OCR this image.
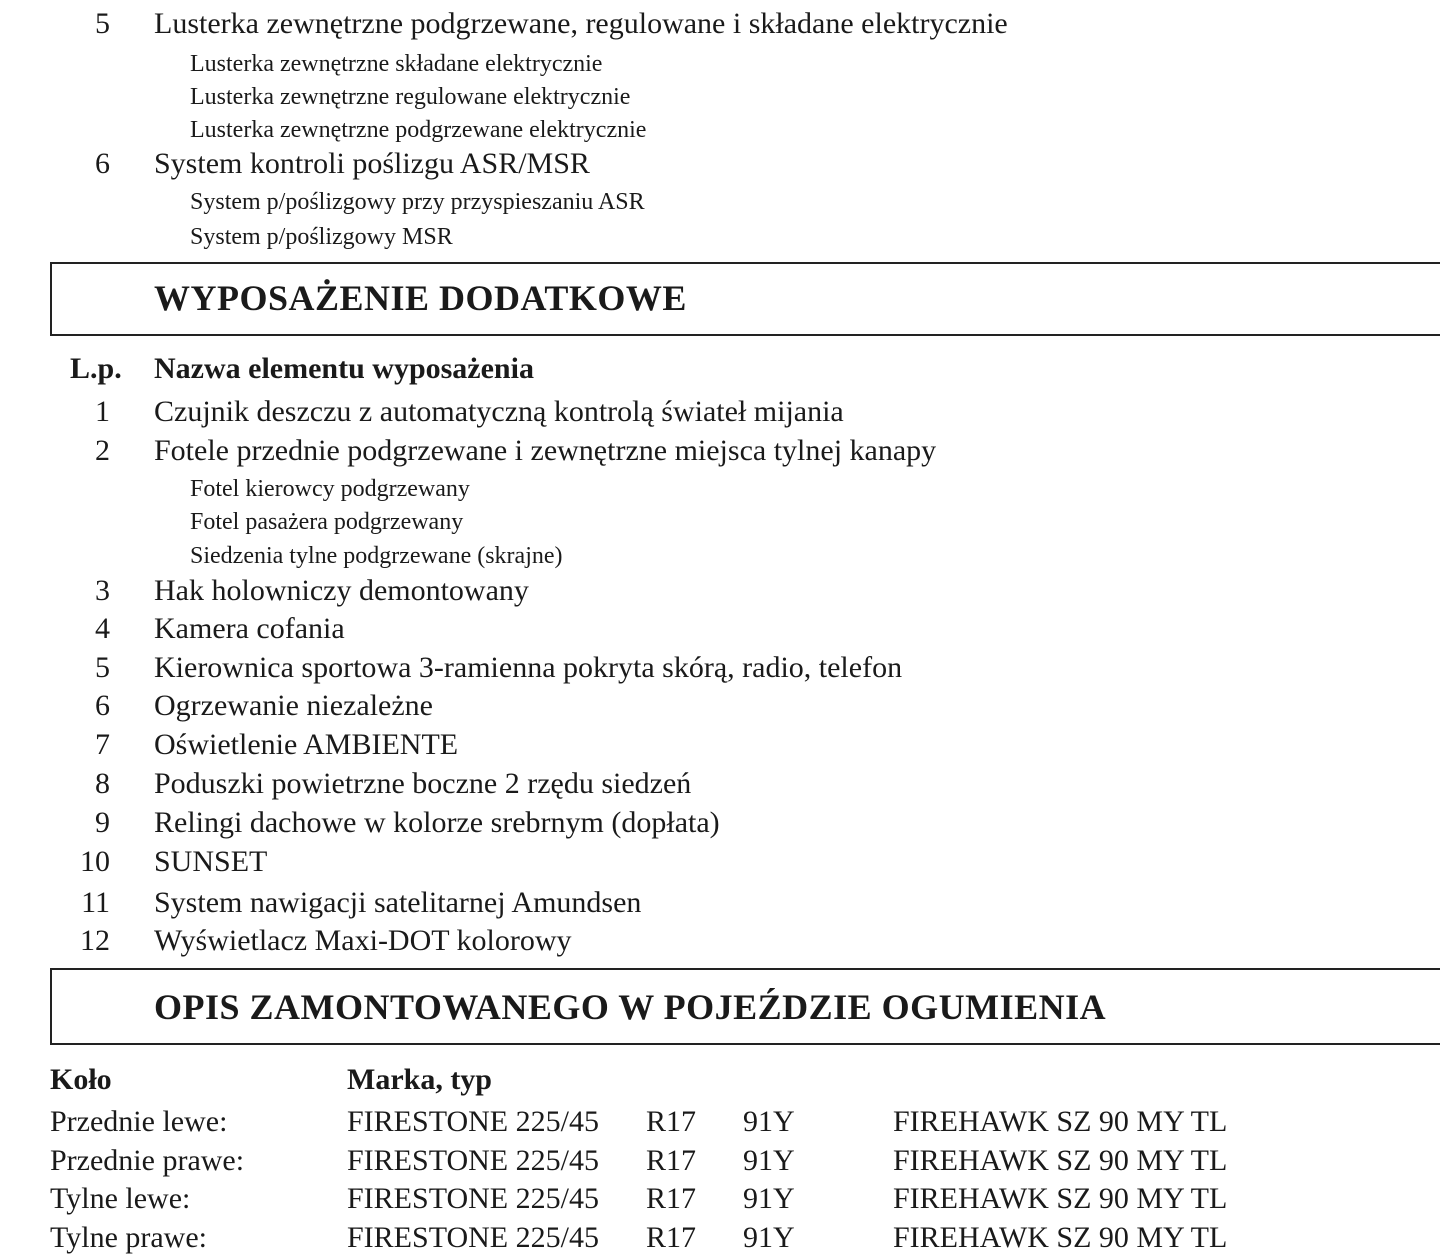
5 Lusterka zewnętrzne podgrzewane, regulowane i składane elektrycznie
Lusterka zewnętrzne składane elektrycznie
Lusterka zewnętrzne regulowane elektrycznie
Lusterka zewnętrzne podgrzewane elektrycznie
6 System kontroli poślizgu ASR/MSR
System p/poślizgowy przy przyspieszaniu ASR
System p/poślizgowy MSR
WYPOSAŻENIE DODATKOWE
L.p. Nazwa elementu wyposażenia
1 Czujnik deszczu z automatyczną kontrolą świateł mijania
2 Fotele przednie podgrzewane i zewnętrzne miejsca tylnej kanapy
Fotel kierowcy podgrzewany
Fotel pasażera podgrzewany
Siedzenia tylne podgrzewane (skrajne)
3 Hak holowniczy demontowany
4 Kamera cofania
5 Kierownica sportowa 3-ramienna pokryta skórą, radio, telefon
6 Ogrzewanie niezależne
7 Oświetlenie AMBIENTE
8 Poduszki powietrzne boczne 2 rzędu siedzeń
9 Relingi dachowe w kolorze srebrnym (dopłata)
10 SUNSET
11 System nawigacji satelitarnej Amundsen
12 Wyświetlacz Maxi-DOT kolorowy
OPIS ZAMONTOWANEGO W POJEŹDZIE OGUMIENIA
Koło	Marka, typ
Przednie lewe:	FIRESTONE 225/45 R17 91Y	FIREHAWK SZ 90 MY TL
Przednie prawe:	FIRESTONE 225/45 R17 91Y	FIREHAWK SZ 90 MY TL
Tylne lewe:	FIRESTONE 225/45 R17 91Y	FIREHAWK SZ 90 MY TL
Tylne prawe:	FIRESTONE 225/45 R17 91Y	FIREHAWK SZ 90 MY TL
